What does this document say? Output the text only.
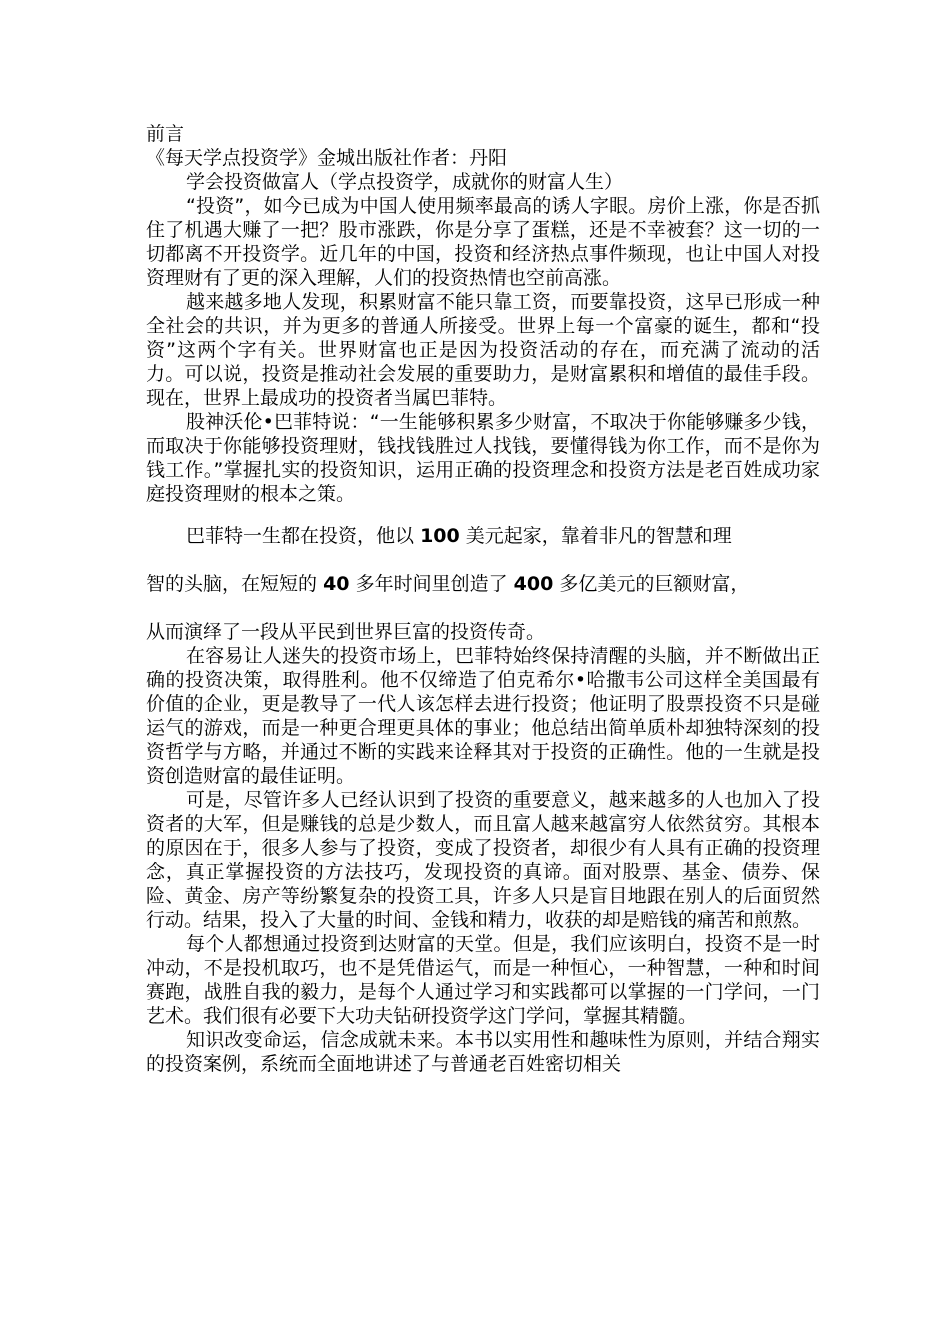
前言
《每天学点投资学》金城出版社作者：丹阳
学会投资做富人（学点投资学，成就你的财富人生）

“投资”，如今已成为中国人使用频率最高的诱人字眼。房价上涨，你是否抓住了机遇大赚了一把？股市涨跌，你是分享了蛋糕，还是不幸被套？这一切的一切都离不开投资学。近几年的中国，投资和经济热点事件频现，也让中国人对投资理财有了更的深入理解，人们的投资热情也空前高涨。

越来越多地人发现，积累财富不能只靠工资，而要靠投资，这早已形成一种全社会的共识，并为更多的普通人所接受。世界上每一个富豪的诞生，都和“投资”这两个字有关。世界财富也正是因为投资活动的存在，而充满了流动的活力。可以说，投资是推动社会发展的重要助力，是财富累积和增值的最佳手段。现在，世界上最成功的投资者当属巴菲特。

股神沃伦•巴菲特说：“一生能够积累多少财富，不取决于你能够赚多少钱，而取决于你能够投资理财，钱找钱胜过人找钱，要懂得钱为你工作，而不是你为钱工作。”掌握扎实的投资知识，运用正确的投资理念和投资方法是老百姓成功家庭投资理财的根本之策。

巴菲特一生都在投资，他以 100 美元起家，靠着非凡的智慧和理
智的头脑，在短短的 40 多年时间里创造了 400 多亿美元的巨额财富，
从而演绎了一段从平民到世界巨富的投资传奇。

在容易让人迷失的投资市场上，巴菲特始终保持清醒的头脑，并不断做出正确的投资决策，取得胜利。他不仅缔造了伯克希尔•哈撒韦公司这样全美国最有价值的企业，更是教导了一代人该怎样去进行投资；他证明了股票投资不只是碰运气的游戏，而是一种更合理更具体的事业；他总结出简单质朴却独特深刻的投资哲学与方略，并通过不断的实践来诠释其对于投资的正确性。他的一生就是投资创造财富的最佳证明。

可是，尽管许多人已经认识到了投资的重要意义，越来越多的人也加入了投资者的大军，但是赚钱的总是少数人，而且富人越来越富穷人依然贫穷。其根本的原因在于，很多人参与了投资，变成了投资者，却很少有人具有正确的投资理念，真正掌握投资的方法技巧，发现投资的真谛。面对股票、基金、债券、保险、黄金、房产等纷繁复杂的投资工具，许多人只是盲目地跟在别人的后面贸然行动。结果，投入了大量的时间、金钱和精力，收获的却是赔钱的痛苦和煎熬。

每个人都想通过投资到达财富的天堂。但是，我们应该明白，投资不是一时冲动，不是投机取巧，也不是凭借运气，而是一种恒心，一种智慧，一种和时间赛跑，战胜自我的毅力，是每个人通过学习和实践都可以掌握的一门学问，一门艺术。我们很有必要下大功夫钻研投资学这门学问，掌握其精髓。

知识改变命运，信念成就未来。本书以实用性和趣味性为原则，并结合翔实的投资案例，系统而全面地讲述了与普通老百姓密切相关
